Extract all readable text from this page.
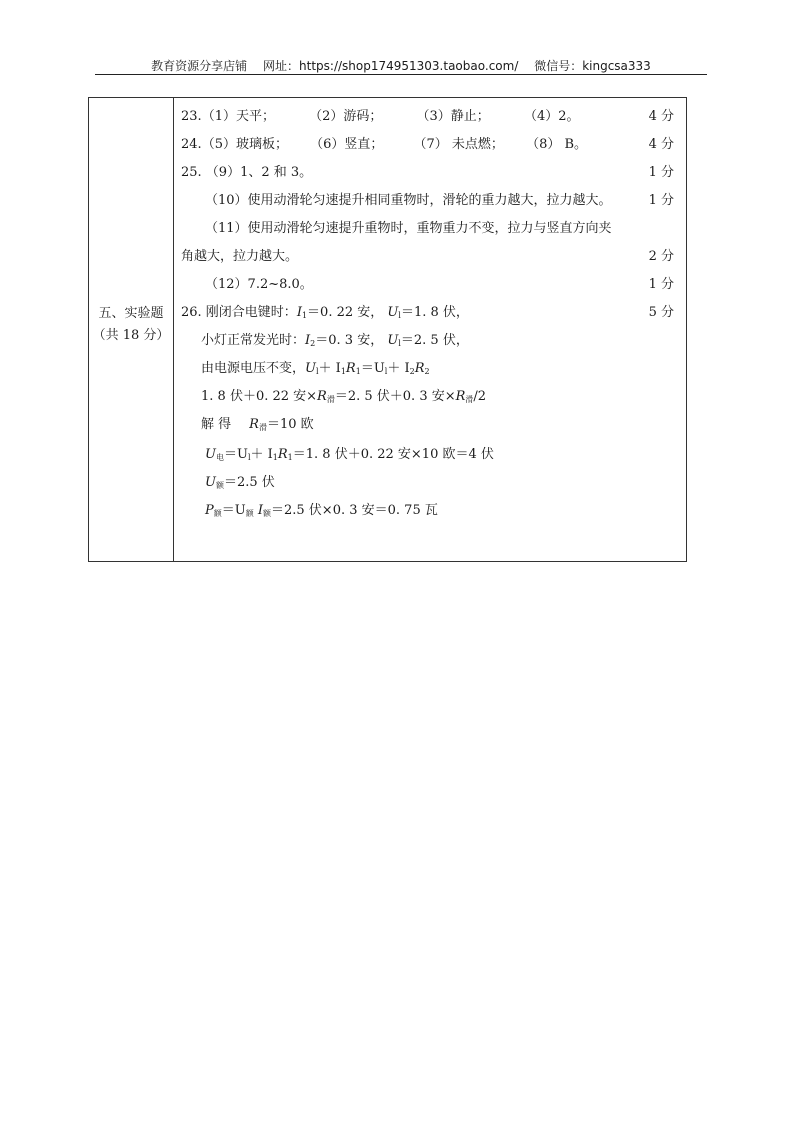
教育资源分享店铺 网址：https://shop174951303.taobao.com/ 微信号：kingcsa333
五、实验题
（共 18 分）
23.（1）天平；	（2）游码；	（3）静止；	（4）2。	4 分
24.（5）玻璃板； （6）竖直； （7） 未点燃； （8） B。	4 分
25. （9）1、2 和 3。	1 分
（10）使用动滑轮匀速提升相同重物时，滑轮的重力越大，拉力越大。	1 分
（11）使用动滑轮匀速提升重物时，重物重力不变，拉力与竖直方向夹
角越大，拉力越大。	2 分
（12）7.2~8.0。	1 分
26. 刚闭合电键时：$I_1=0$. 22 安， $U_l=1$. 8 伏，	5 分
小灯正常发光时：$I_2=0$. 3 安， $U_l=2$. 5 伏，
由电源电压不变，$U_l+ I_1R_1=U_l+ I_2R_2$
1. 8 伏＋0. 22 安$\times R_滑=2$. 5 伏＋0. 3 安$\times R_滑/2$
解 得 $R_滑=10$ 欧
$U_电=U_l+ I_1R_1=1$. 8 伏＋0. 22 安×10 欧＝4 伏
$U_额=2.5$ 伏
$P_额=U_额$ $I_额=2.5$ 伏×0. 3 安＝0. 75 瓦
